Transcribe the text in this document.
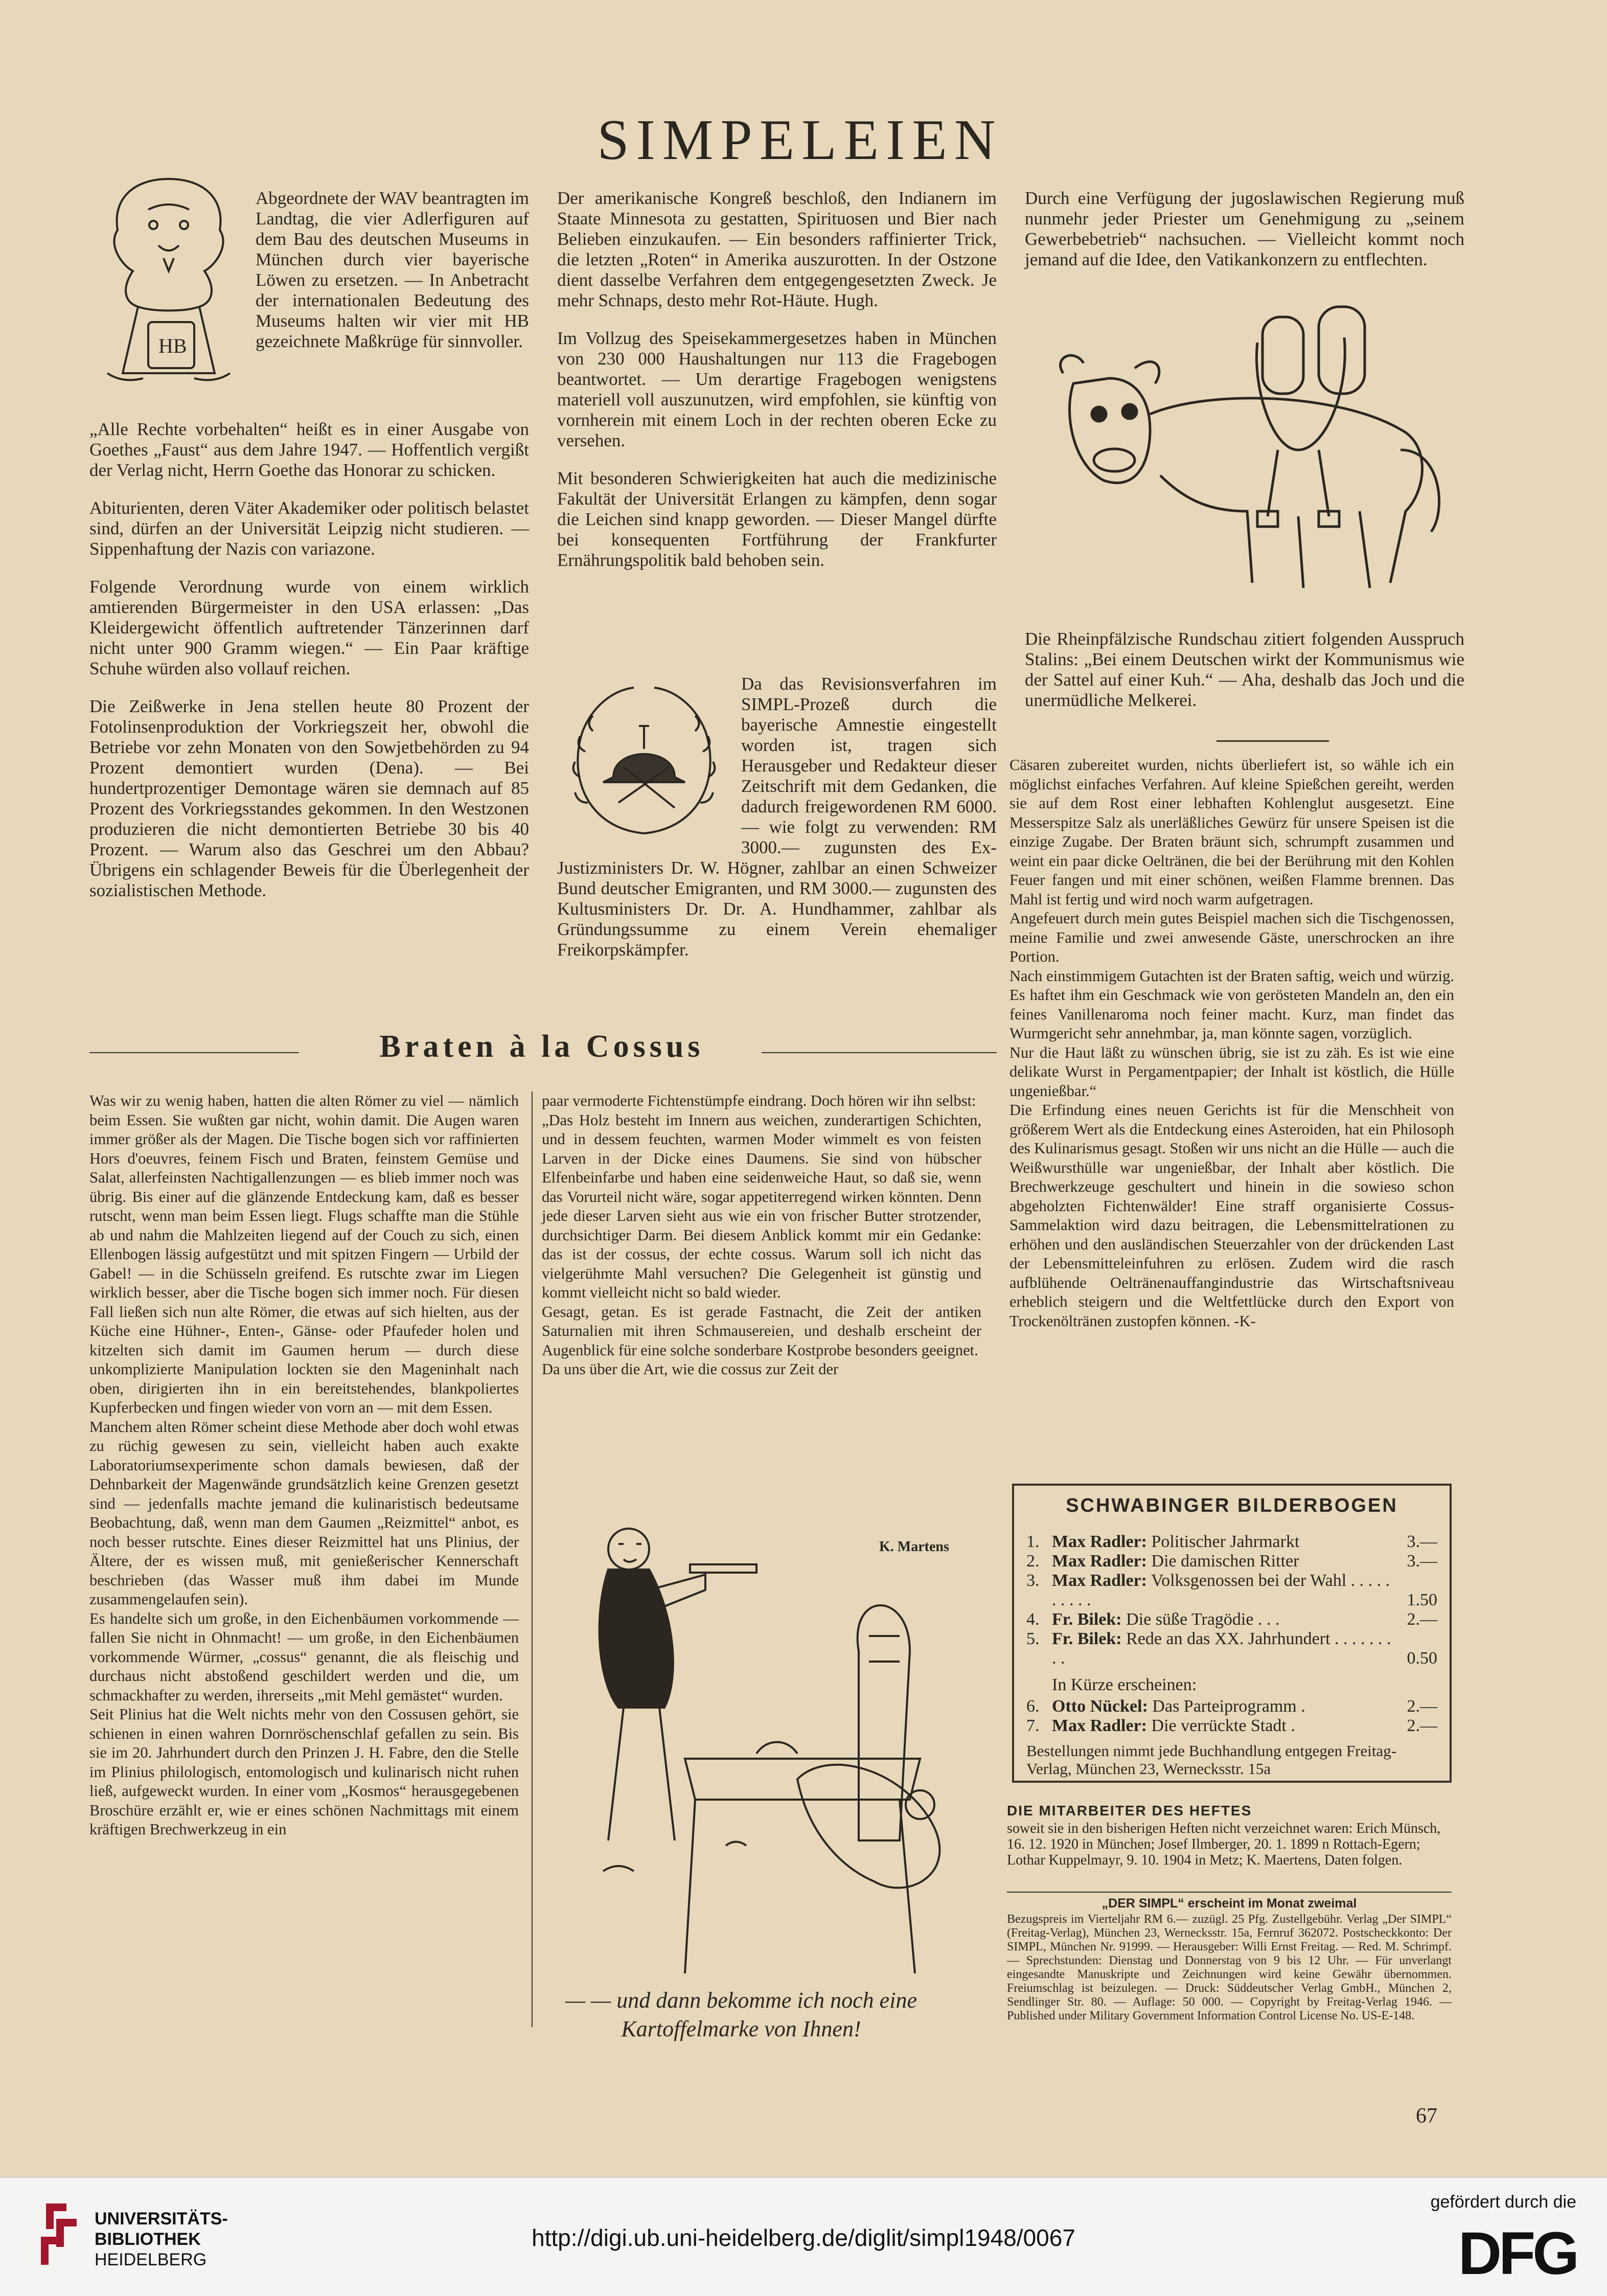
SIMPELEIEN
HB

Abgeordnete der WAV beantragten im Landtag, die vier Adlerfiguren auf dem Bau des deutschen Museums in München durch vier bayerische Löwen zu ersetzen. — In Anbetracht der internationalen Bedeutung des Museums halten wir vier mit HB gezeichnete Maßkrüge für sinnvoller.

„Alle Rechte vorbehalten“ heißt es in einer Ausgabe von Goethes „Faust“ aus dem Jahre 1947. — Hoffentlich vergißt der Verlag nicht, Herrn Goethe das Honorar zu schicken.

Abiturienten, deren Väter Akademiker oder politisch belastet sind, dürfen an der Universität Leipzig nicht studieren. — Sippenhaftung der Nazis con variazone.

Folgende Verordnung wurde von einem wirklich amtierenden Bürgermeister in den USA erlassen: „Das Kleidergewicht öffentlich auftretender Tänzerinnen darf nicht unter 900 Gramm wiegen.“ — Ein Paar kräftige Schuhe würden also vollauf reichen.

Die Zeißwerke in Jena stellen heute 80 Prozent der Fotolinsenproduktion der Vorkriegszeit her, obwohl die Betriebe vor zehn Monaten von den Sowjetbehörden zu 94 Prozent demontiert wurden (Dena). — Bei hundertprozentiger Demontage wären sie demnach auf 85 Prozent des Vorkriegsstandes gekommen. In den Westzonen produzieren die nicht demontierten Betriebe 30 bis 40 Prozent. — Warum also das Geschrei um den Abbau? Übrigens ein schlagender Beweis für die Überlegenheit der sozialistischen Methode.

Der amerikanische Kongreß beschloß, den Indianern im Staate Minnesota zu gestatten, Spirituosen und Bier nach Belieben einzukaufen. — Ein besonders raffinierter Trick, die letzten „Roten“ in Amerika auszurotten. In der Ostzone dient dasselbe Verfahren dem entgegengesetzten Zweck. Je mehr Schnaps, desto mehr Rot-Häute. Hugh.

Im Vollzug des Speisekammergesetzes haben in München von 230 000 Haushaltungen nur 113 die Fragebogen beantwortet. — Um derartige Fragebogen wenigstens materiell voll auszunutzen, wird empfohlen, sie künftig von vornherein mit einem Loch in der rechten oberen Ecke zu versehen.

Mit besonderen Schwierigkeiten hat auch die medizinische Fakultät der Universität Erlangen zu kämpfen, denn sogar die Leichen sind knapp geworden. — Dieser Mangel dürfte bei konsequenten Fortführung der Frankfurter Ernährungspolitik bald behoben sein.

Da das Revisionsverfahren im SIMPL-Prozeß durch die bayerische Amnestie eingestellt worden ist, tragen sich Herausgeber und Redakteur dieser Zeitschrift mit dem Gedanken, die dadurch freigewordenen RM 6000.— wie folgt zu verwenden: RM 3000.— zugunsten des Ex-Justizministers Dr. W. Högner, zahlbar an einen Schweizer Bund deutscher Emigranten, und RM 3000.— zugunsten des Kultusministers Dr. Dr. A. Hundhammer, zahlbar als Gründungssumme zu einem Verein ehemaliger Freikorpskämpfer.

Durch eine Verfügung der jugoslawischen Regierung muß nunmehr jeder Priester um Genehmigung zu „seinem Gewerbebetrieb“ nachsuchen. — Vielleicht kommt noch jemand auf die Idee, den Vatikankonzern zu entflechten.

Die Rheinpfälzische Rundschau zitiert folgenden Ausspruch Stalins: „Bei einem Deutschen wirkt der Kommunismus wie der Sattel auf einer Kuh.“ — Aha, deshalb das Joch und die unermüdliche Melkerei.

Braten à la Cossus

Was wir zu wenig haben, hatten die alten Römer zu viel — nämlich beim Essen. Sie wußten gar nicht, wohin damit. Die Augen waren immer größer als der Magen. Die Tische bogen sich vor raffinierten Hors d'oeuvres, feinem Fisch und Braten, feinstem Gemüse und Salat, allerfeinsten Nachtigallenzungen — es blieb immer noch was übrig. Bis einer auf die glänzende Entdeckung kam, daß es besser rutscht, wenn man beim Essen liegt. Flugs schaffte man die Stühle ab und nahm die Mahlzeiten liegend auf der Couch zu sich, einen Ellenbogen lässig aufgestützt und mit spitzen Fingern — Urbild der Gabel! — in die Schüsseln greifend. Es rutschte zwar im Liegen wirklich besser, aber die Tische bogen sich immer noch. Für diesen Fall ließen sich nun alte Römer, die etwas auf sich hielten, aus der Küche eine Hühner-, Enten-, Gänse- oder Pfaufeder holen und kitzelten sich damit im Gaumen herum — durch diese unkomplizierte Manipulation lockten sie den Mageninhalt nach oben, dirigierten ihn in ein bereitstehendes, blankpoliertes Kupferbecken und fingen wieder von vorn an — mit dem Essen.

Manchem alten Römer scheint diese Methode aber doch wohl etwas zu rüchig gewesen zu sein, vielleicht haben auch exakte Laboratoriumsexperimente schon damals bewiesen, daß der Dehnbarkeit der Magenwände grundsätzlich keine Grenzen gesetzt sind — jedenfalls machte jemand die kulinaristisch bedeutsame Beobachtung, daß, wenn man dem Gaumen „Reizmittel“ anbot, es noch besser rutschte. Eines dieser Reizmittel hat uns Plinius, der Ältere, der es wissen muß, mit genießerischer Kennerschaft beschrieben (das Wasser muß ihm dabei im Munde zusammengelaufen sein).

Es handelte sich um große, in den Eichenbäumen vorkommende — fallen Sie nicht in Ohnmacht! — um große, in den Eichenbäumen vorkommende Würmer, „cossus“ genannt, die als fleischig und durchaus nicht abstoßend geschildert werden und die, um schmackhafter zu werden, ihrerseits „mit Mehl gemästet“ wurden.

Seit Plinius hat die Welt nichts mehr von den Cossusen gehört, sie schienen in einen wahren Dornröschenschlaf gefallen zu sein. Bis sie im 20. Jahrhundert durch den Prinzen J. H. Fabre, den die Stelle im Plinius philologisch, entomologisch und kulinarisch nicht ruhen ließ, aufgeweckt wurden. In einer vom „Kosmos“ herausgegebenen Broschüre erzählt er, wie er eines schönen Nachmittags mit einem kräftigen Brechwerkzeug in ein

paar vermoderte Fichtenstümpfe eindrang. Doch hören wir ihn selbst:

„Das Holz besteht im Innern aus weichen, zunderartigen Schichten, und in dessem feuchten, warmen Moder wimmelt es von feisten Larven in der Dicke eines Daumens. Sie sind von hübscher Elfenbeinfarbe und haben eine seidenweiche Haut, so daß sie, wenn das Vorurteil nicht wäre, sogar appetiterregend wirken könnten. Denn jede dieser Larven sieht aus wie ein von frischer Butter strotzender, durchsichtiger Darm. Bei diesem Anblick kommt mir ein Gedanke: das ist der cossus, der echte cossus. Warum soll ich nicht das vielgerühmte Mahl versuchen? Die Gelegenheit ist günstig und kommt vielleicht nicht so bald wieder.

Gesagt, getan. Es ist gerade Fastnacht, die Zeit der antiken Saturnalien mit ihren Schmausereien, und deshalb erscheint der Augenblick für eine solche sonderbare Kostprobe besonders geeignet.

Da uns über die Art, wie die cossus zur Zeit der

K. Martens
— — und dann bekomme ich noch eine
Kartoffelmarke von Ihnen!

Cäsaren zubereitet wurden, nichts überliefert ist, so wähle ich ein möglichst einfaches Verfahren. Auf kleine Spießchen gereiht, werden sie auf dem Rost einer lebhaften Kohlenglut ausgesetzt. Eine Messerspitze Salz als unerläßliches Gewürz für unsere Speisen ist die einzige Zugabe. Der Braten bräunt sich, schrumpft zusammen und weint ein paar dicke Oeltränen, die bei der Berührung mit den Kohlen Feuer fangen und mit einer schönen, weißen Flamme brennen. Das Mahl ist fertig und wird noch warm aufgetragen.

Angefeuert durch mein gutes Beispiel machen sich die Tischgenossen, meine Familie und zwei anwesende Gäste, unerschrocken an ihre Portion.

Nach einstimmigem Gutachten ist der Braten saftig, weich und würzig. Es haftet ihm ein Geschmack wie von gerösteten Mandeln an, den ein feines Vanillenaroma noch feiner macht. Kurz, man findet das Wurmgericht sehr annehmbar, ja, man könnte sagen, vorzüglich.

Nur die Haut läßt zu wünschen übrig, sie ist zu zäh. Es ist wie eine delikate Wurst in Pergamentpapier; der Inhalt ist köstlich, die Hülle ungenießbar.“

Die Erfindung eines neuen Gerichts ist für die Menschheit von größerem Wert als die Entdeckung eines Asteroiden, hat ein Philosoph des Kulinarismus gesagt. Stoßen wir uns nicht an die Hülle — auch die Weißwursthülle war ungenießbar, der Inhalt aber köstlich. Die Brechwerkzeuge geschultert und hinein in die sowieso schon abgeholzten Fichtenwälder! Eine straff organisierte Cossus-Sammelaktion wird dazu beitragen, die Lebensmittelrationen zu erhöhen und den ausländischen Steuerzahler von der drückenden Last der Lebensmitteleinfuhren zu erlösen. Zudem wird die rasch aufblühende Oeltränenauffangindustrie das Wirtschaftsniveau erheblich steigern und die Weltfettlücke durch den Export von Trockenöltränen zustopfen können. -K-

SCHWABINGER BILDERBOGEN
1. Max Radler: Politischer Jahrmarkt	3.—
2. Max Radler: Die damischen Ritter	3.—
3. Max Radler: Volksgenossen bei der Wahl . . . . . . . . . .	1.50
4. Fr. Bilek: Die süße Tragödie . . .	2.—
5. Fr. Bilek: Rede an das XX. Jahrhundert . . . . . . . . .	0.50
In Kürze erscheinen:
6. Otto Nückel: Das Parteiprogramm .	2.—
7. Max Radler: Die verrückte Stadt .	2.—
Bestellungen nimmt jede Buchhandlung entgegen Freitag-Verlag, München 23, Wernecksstr. 15a
DIE MITARBEITER DES HEFTES
soweit sie in den bisherigen Heften nicht verzeichnet waren: Erich Münsch, 16. 12. 1920 in München; Josef Ilmberger, 20. 1. 1899 n Rottach-Egern; Lothar Kuppelmayr, 9. 10. 1904 in Metz; K. Maertens, Daten folgen.
„DER SIMPL“ erscheint im Monat zweimal
Bezugspreis im Vierteljahr RM 6.— zuzügl. 25 Pfg. Zustellgebühr. Verlag „Der SIMPL“ (Freitag-Verlag), München 23, Wernecksstr. 15a, Fernruf 362072. Postscheckkonto: Der SIMPL, München Nr. 91999. — Herausgeber: Willi Ernst Freitag. — Red. M. Schrimpf. — Sprechstunden: Dienstag und Donnerstag von 9 bis 12 Uhr. — Für unverlangt eingesandte Manuskripte und Zeichnungen wird keine Gewähr übernommen. Freiumschlag ist beizulegen. — Druck: Süddeutscher Verlag GmbH., München 2, Sendlinger Str. 80. — Auflage: 50 000. — Copyright by Freitag-Verlag 1946. — Published under Military Government Information Control License No. US-E-148.
67
UNIVERSITÄTS-
BIBLIOTHEK
HEIDELBERG
http://digi.ub.uni-heidelberg.de/diglit/simpl1948/0067
gefördert durch die
DFG
